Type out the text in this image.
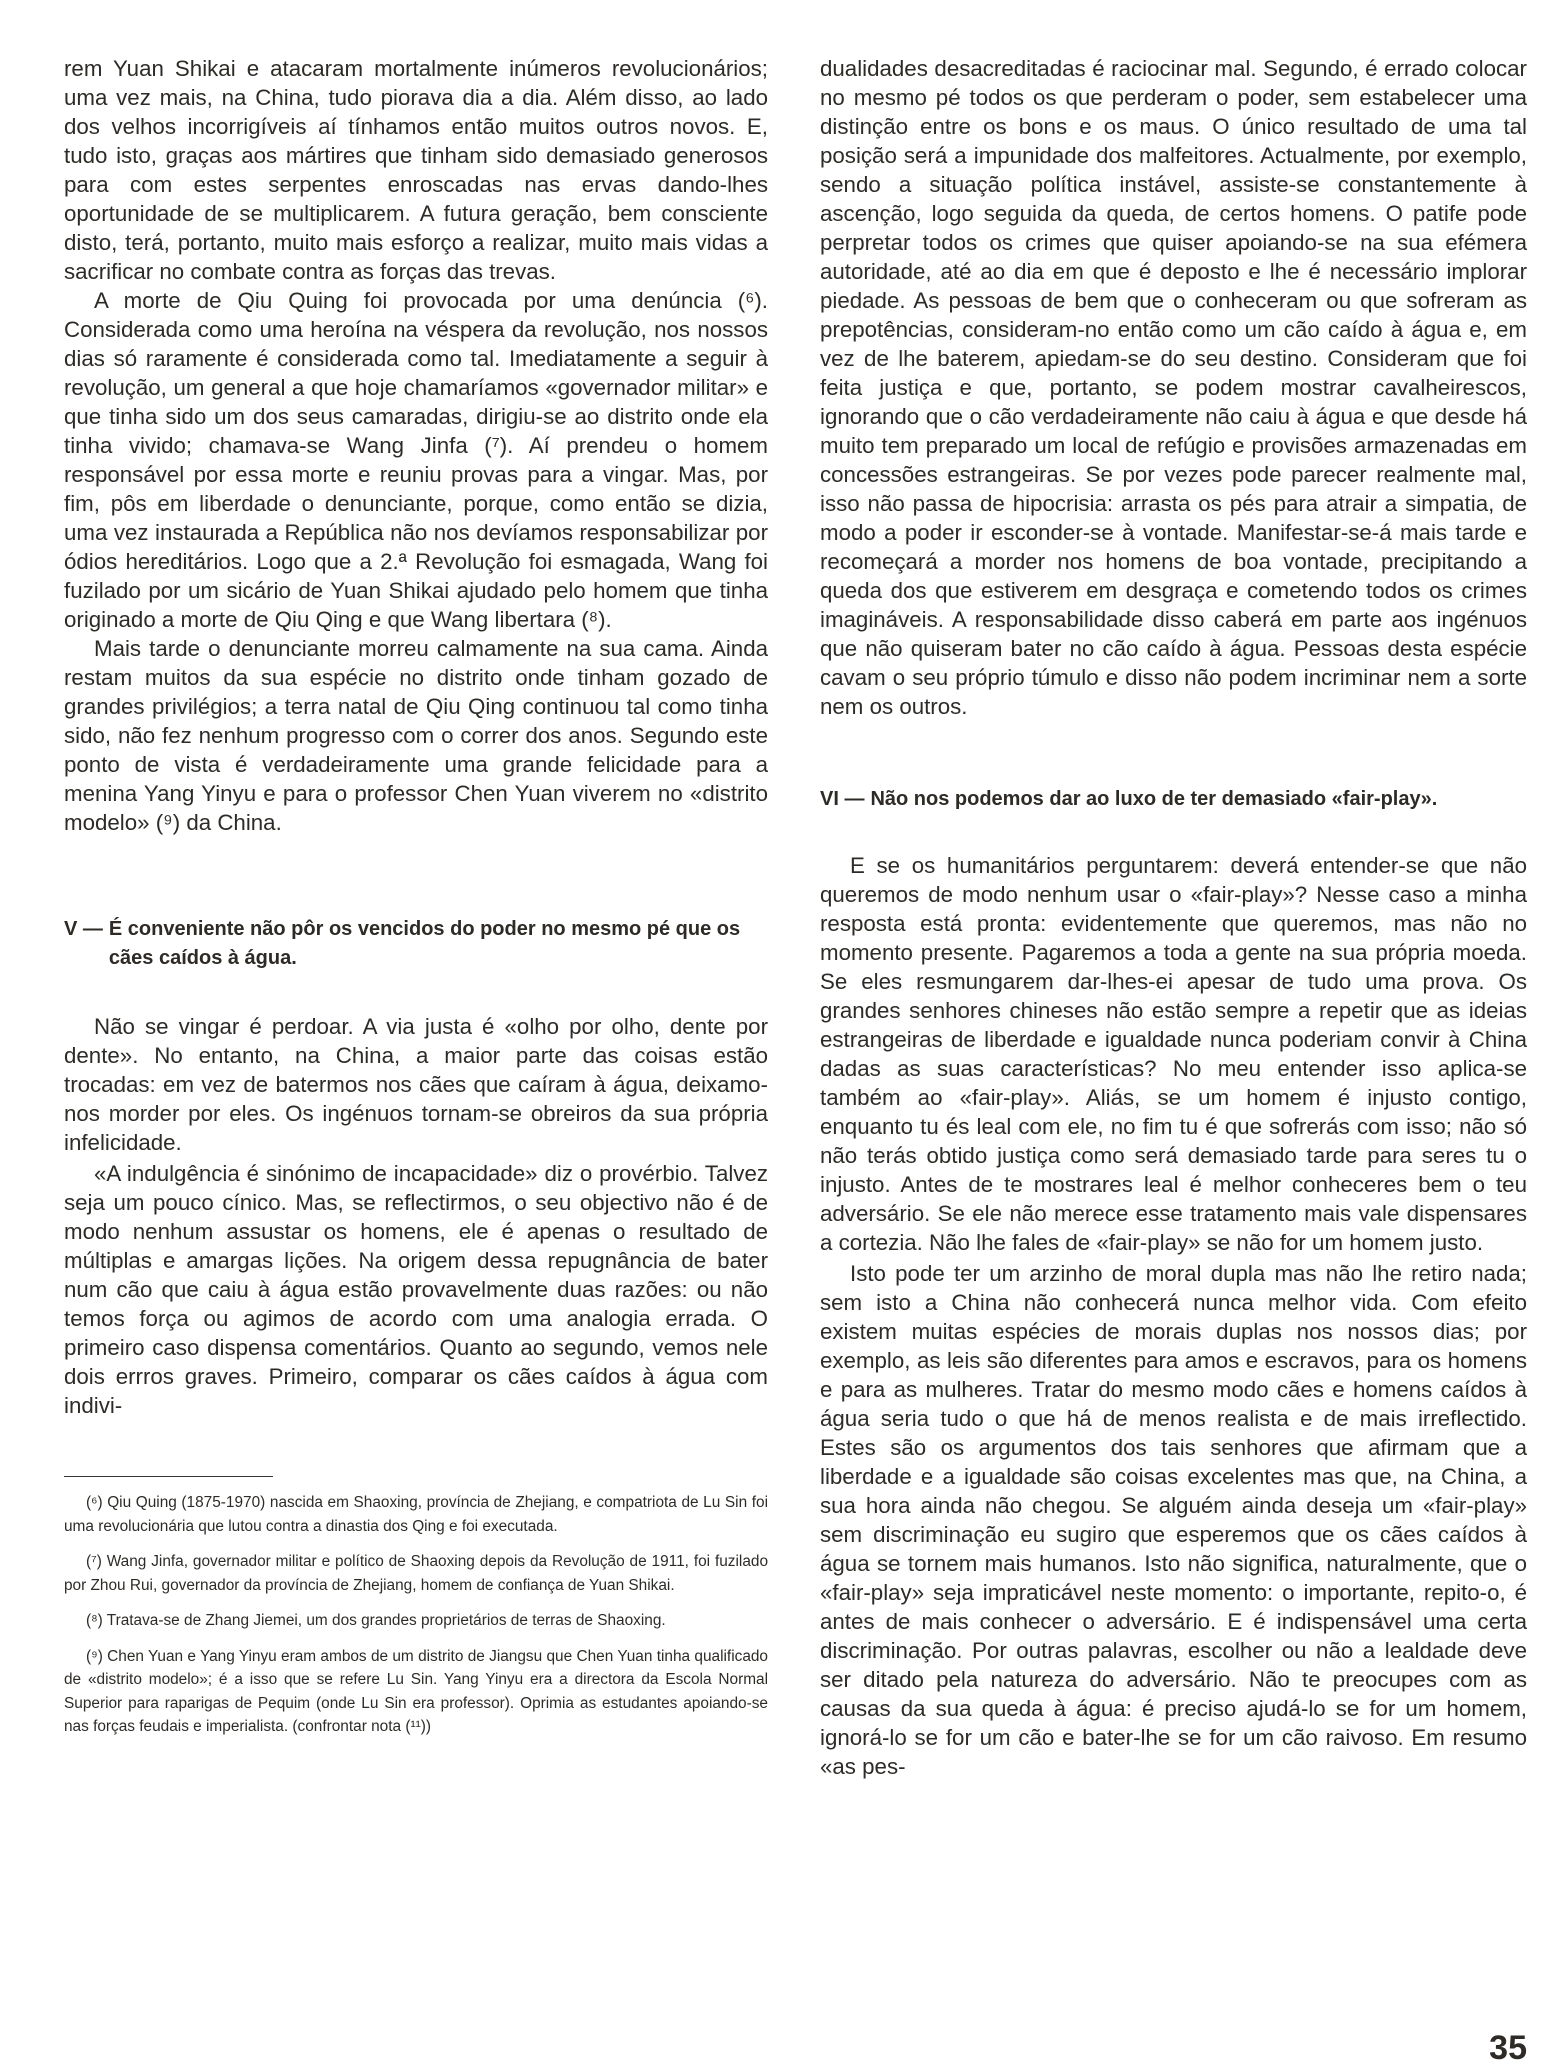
rem Yuan Shikai e atacaram mortalmente inúmeros revolucionários; uma vez mais, na China, tudo piorava dia a dia. Além disso, ao lado dos velhos incorrigíveis aí tínhamos então muitos outros novos. E, tudo isto, graças aos mártires que tinham sido demasiado generosos para com estes serpentes enroscadas nas ervas dando-lhes oportunidade de se multiplicarem. A futura geração, bem consciente disto, terá, portanto, muito mais esforço a realizar, muito mais vidas a sacrificar no combate contra as forças das trevas.

A morte de Qiu Quing foi provocada por uma denúncia (⁶). Considerada como uma heroína na véspera da revolução, nos nossos dias só raramente é considerada como tal. Imediatamente a seguir à revolução, um general a que hoje chamaríamos «governador militar» e que tinha sido um dos seus camaradas, dirigiu-se ao distrito onde ela tinha vivido; chamava-se Wang Jinfa (⁷). Aí prendeu o homem responsável por essa morte e reuniu provas para a vingar. Mas, por fim, pôs em liberdade o denunciante, porque, como então se dizia, uma vez instaurada a República não nos devíamos responsabilizar por ódios hereditários. Logo que a 2.ª Revolução foi esmagada, Wang foi fuzilado por um sicário de Yuan Shikai ajudado pelo homem que tinha originado a morte de Qiu Qing e que Wang libertara (⁸).

Mais tarde o denunciante morreu calmamente na sua cama. Ainda restam muitos da sua espécie no distrito onde tinham gozado de grandes privilégios; a terra natal de Qiu Qing continuou tal como tinha sido, não fez nenhum progresso com o correr dos anos. Segundo este ponto de vista é verdadeiramente uma grande felicidade para a menina Yang Yinyu e para o professor Chen Yuan viverem no «distrito modelo» (⁹) da China.

V — É conveniente não pôr os vencidos do poder no mesmo pé que os cães caídos à água.

Não se vingar é perdoar. A via justa é «olho por olho, dente por dente». No entanto, na China, a maior parte das coisas estão trocadas: em vez de batermos nos cães que caíram à água, deixamo-nos morder por eles. Os ingénuos tornam-se obreiros da sua própria infelicidade.

«A indulgência é sinónimo de incapacidade» diz o provérbio. Talvez seja um pouco cínico. Mas, se reflectirmos, o seu objectivo não é de modo nenhum assustar os homens, ele é apenas o resultado de múltiplas e amargas lições. Na origem dessa repugnância de bater num cão que caiu à água estão provavelmente duas razões: ou não temos força ou agimos de acordo com uma analogia errada. O primeiro caso dispensa comentários. Quanto ao segundo, vemos nele dois errros graves. Primeiro, comparar os cães caídos à água com indivi-

(⁶) Qiu Quing (1875-1970) nascida em Shaoxing, província de Zhejiang, e compatriota de Lu Sin foi uma revolucionária que lutou contra a dinastia dos Qing e foi executada.

(⁷) Wang Jinfa, governador militar e político de Shaoxing depois da Revolução de 1911, foi fuzilado por Zhou Rui, governador da província de Zhejiang, homem de confiança de Yuan Shikai.

(⁸) Tratava-se de Zhang Jiemei, um dos grandes proprietários de terras de Shaoxing.

(⁹) Chen Yuan e Yang Yinyu eram ambos de um distrito de Jiangsu que Chen Yuan tinha qualificado de «distrito modelo»; é a isso que se refere Lu Sin. Yang Yinyu era a directora da Escola Normal Superior para raparigas de Pequim (onde Lu Sin era professor). Oprimia as estudantes apoiando-se nas forças feudais e imperialista. (confrontar nota (¹¹))

dualidades desacreditadas é raciocinar mal. Segundo, é errado colocar no mesmo pé todos os que perderam o poder, sem estabelecer uma distinção entre os bons e os maus. O único resultado de uma tal posição será a impunidade dos malfeitores. Actualmente, por exemplo, sendo a situação política instável, assiste-se constantemente à ascenção, logo seguida da queda, de certos homens. O patife pode perpretar todos os crimes que quiser apoiando-se na sua efémera autoridade, até ao dia em que é deposto e lhe é necessário implorar piedade. As pessoas de bem que o conheceram ou que sofreram as prepotências, consideram-no então como um cão caído à água e, em vez de lhe baterem, apiedam-se do seu destino. Consideram que foi feita justiça e que, portanto, se podem mostrar cavalheirescos, ignorando que o cão verdadeiramente não caiu à água e que desde há muito tem preparado um local de refúgio e provisões armazenadas em concessões estrangeiras. Se por vezes pode parecer realmente mal, isso não passa de hipocrisia: arrasta os pés para atrair a simpatia, de modo a poder ir esconder-se à vontade. Manifestar-se-á mais tarde e recomeçará a morder nos homens de boa vontade, precipitando a queda dos que estiverem em desgraça e cometendo todos os crimes imagináveis. A responsabilidade disso caberá em parte aos ingénuos que não quiseram bater no cão caído à água. Pessoas desta espécie cavam o seu próprio túmulo e disso não podem incriminar nem a sorte nem os outros.

VI — Não nos podemos dar ao luxo de ter demasiado «fair-play».

E se os humanitários perguntarem: deverá entender-se que não queremos de modo nenhum usar o «fair-play»? Nesse caso a minha resposta está pronta: evidentemente que queremos, mas não no momento presente. Pagaremos a toda a gente na sua própria moeda. Se eles resmungarem dar-lhes-ei apesar de tudo uma prova. Os grandes senhores chineses não estão sempre a repetir que as ideias estrangeiras de liberdade e igualdade nunca poderiam convir à China dadas as suas características? No meu entender isso aplica-se também ao «fair-play». Aliás, se um homem é injusto contigo, enquanto tu és leal com ele, no fim tu é que sofrerás com isso; não só não terás obtido justiça como será demasiado tarde para seres tu o injusto. Antes de te mostrares leal é melhor conheceres bem o teu adversário. Se ele não merece esse tratamento mais vale dispensares a cortezia. Não lhe fales de «fair-play» se não for um homem justo.

Isto pode ter um arzinho de moral dupla mas não lhe retiro nada; sem isto a China não conhecerá nunca melhor vida. Com efeito existem muitas espécies de morais duplas nos nossos dias; por exemplo, as leis são diferentes para amos e escravos, para os homens e para as mulheres. Tratar do mesmo modo cães e homens caídos à água seria tudo o que há de menos realista e de mais irreflectido. Estes são os argumentos dos tais senhores que afirmam que a liberdade e a igualdade são coisas excelentes mas que, na China, a sua hora ainda não chegou. Se alguém ainda deseja um «fair-play» sem discriminação eu sugiro que esperemos que os cães caídos à água se tornem mais humanos. Isto não significa, naturalmente, que o «fair-play» seja impraticável neste momento: o importante, repito-o, é antes de mais conhecer o adversário. E é indispensável uma certa discriminação. Por outras palavras, escolher ou não a lealdade deve ser ditado pela natureza do adversário. Não te preocupes com as causas da sua queda à água: é preciso ajudá-lo se for um homem, ignorá-lo se for um cão e bater-lhe se for um cão raivoso. Em resumo «as pes-

35
